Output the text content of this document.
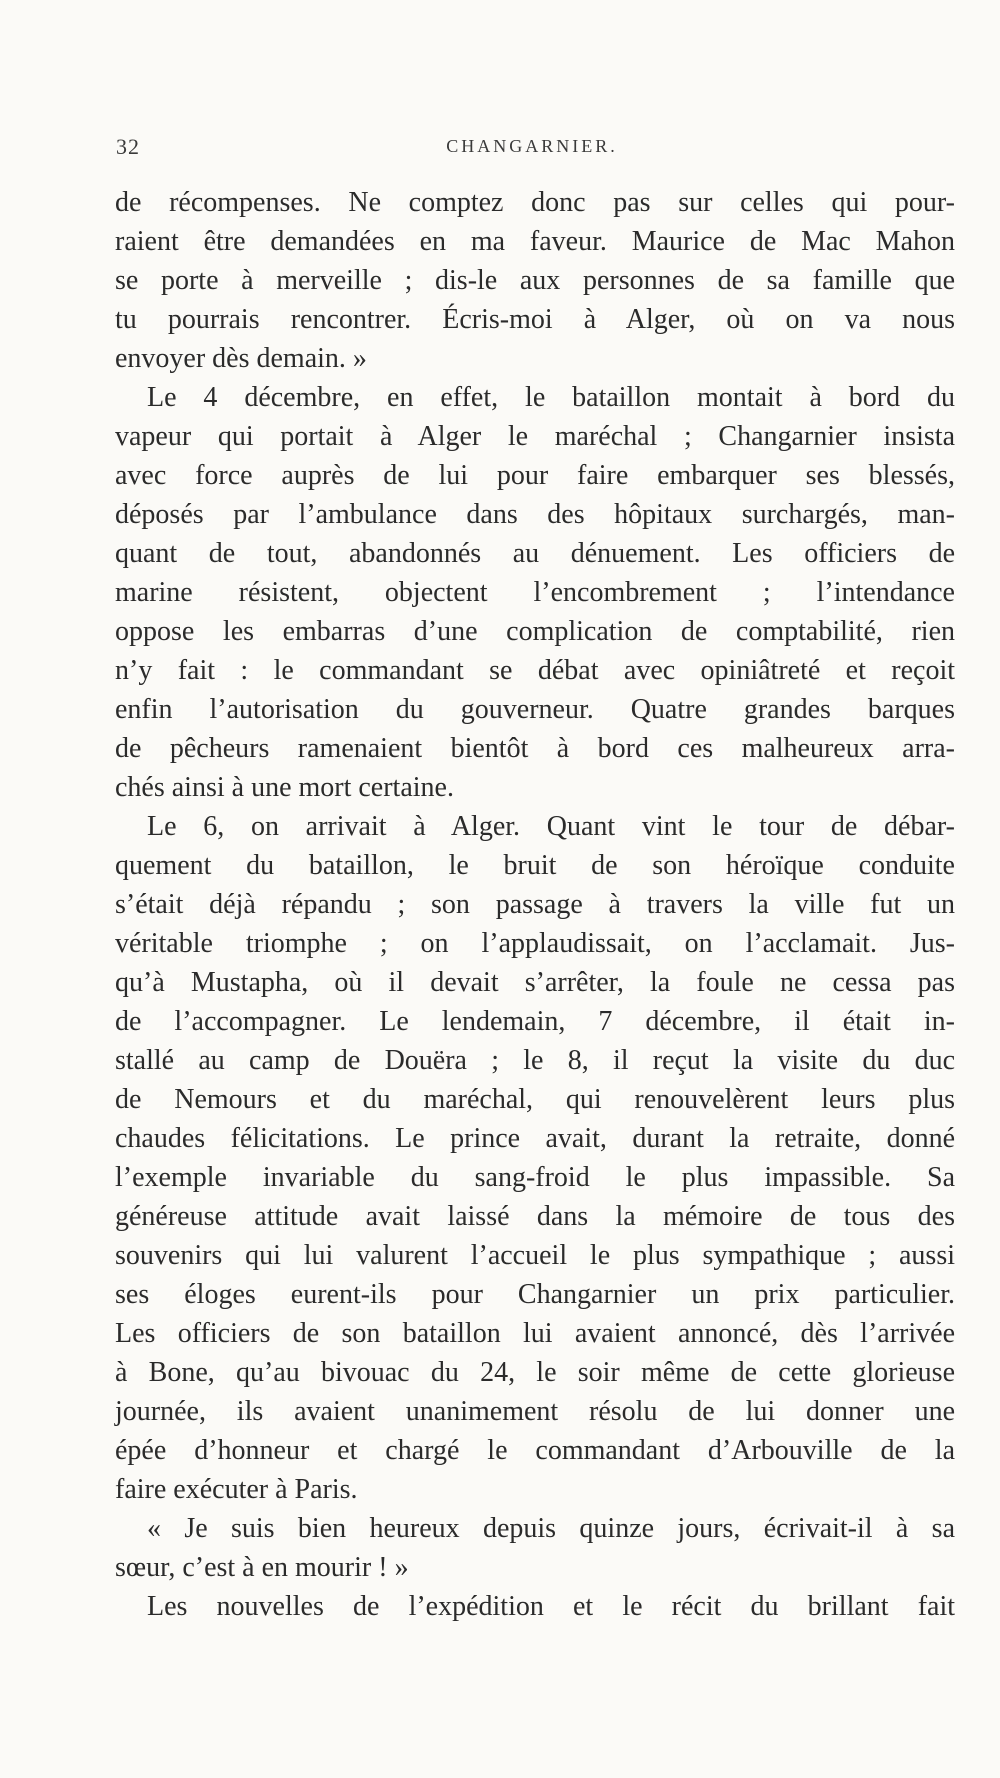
32	CHANGARNIER.
de récompenses. Ne comptez donc pas sur celles qui pour-
raient être demandées en ma faveur. Maurice de Mac Mahon
se porte à merveille ; dis-le aux personnes de sa famille que
tu pourrais rencontrer. Écris-moi à Alger, où on va nous
envoyer dès demain. »
Le 4 décembre, en effet, le bataillon montait à bord du
vapeur qui portait à Alger le maréchal ; Changarnier insista
avec force auprès de lui pour faire embarquer ses blessés,
déposés par l’ambulance dans des hôpitaux surchargés, man-
quant de tout, abandonnés au dénuement. Les officiers de
marine résistent, objectent l’encombrement ; l’intendance
oppose les embarras d’une complication de comptabilité, rien
n’y fait : le commandant se débat avec opiniâtreté et reçoit
enfin l’autorisation du gouverneur. Quatre grandes barques
de pêcheurs ramenaient bientôt à bord ces malheureux arra-
chés ainsi à une mort certaine.
Le 6, on arrivait à Alger. Quant vint le tour de débar-
quement du bataillon, le bruit de son héroïque conduite
s’était déjà répandu ; son passage à travers la ville fut un
véritable triomphe ; on l’applaudissait, on l’acclamait. Jus-
qu’à Mustapha, où il devait s’arrêter, la foule ne cessa pas
de l’accompagner. Le lendemain, 7 décembre, il était in-
stallé au camp de Douëra ; le 8, il reçut la visite du duc
de Nemours et du maréchal, qui renouvelèrent leurs plus
chaudes félicitations. Le prince avait, durant la retraite, donné
l’exemple invariable du sang-froid le plus impassible. Sa
généreuse attitude avait laissé dans la mémoire de tous des
souvenirs qui lui valurent l’accueil le plus sympathique ; aussi
ses éloges eurent-ils pour Changarnier un prix particulier.
Les officiers de son bataillon lui avaient annoncé, dès l’arrivée
à Bone, qu’au bivouac du 24, le soir même de cette glorieuse
journée, ils avaient unanimement résolu de lui donner une
épée d’honneur et chargé le commandant d’Arbouville de la
faire exécuter à Paris.
« Je suis bien heureux depuis quinze jours, écrivait-il à sa
sœur, c’est à en mourir ! »
Les nouvelles de l’expédition et le récit du brillant fait
